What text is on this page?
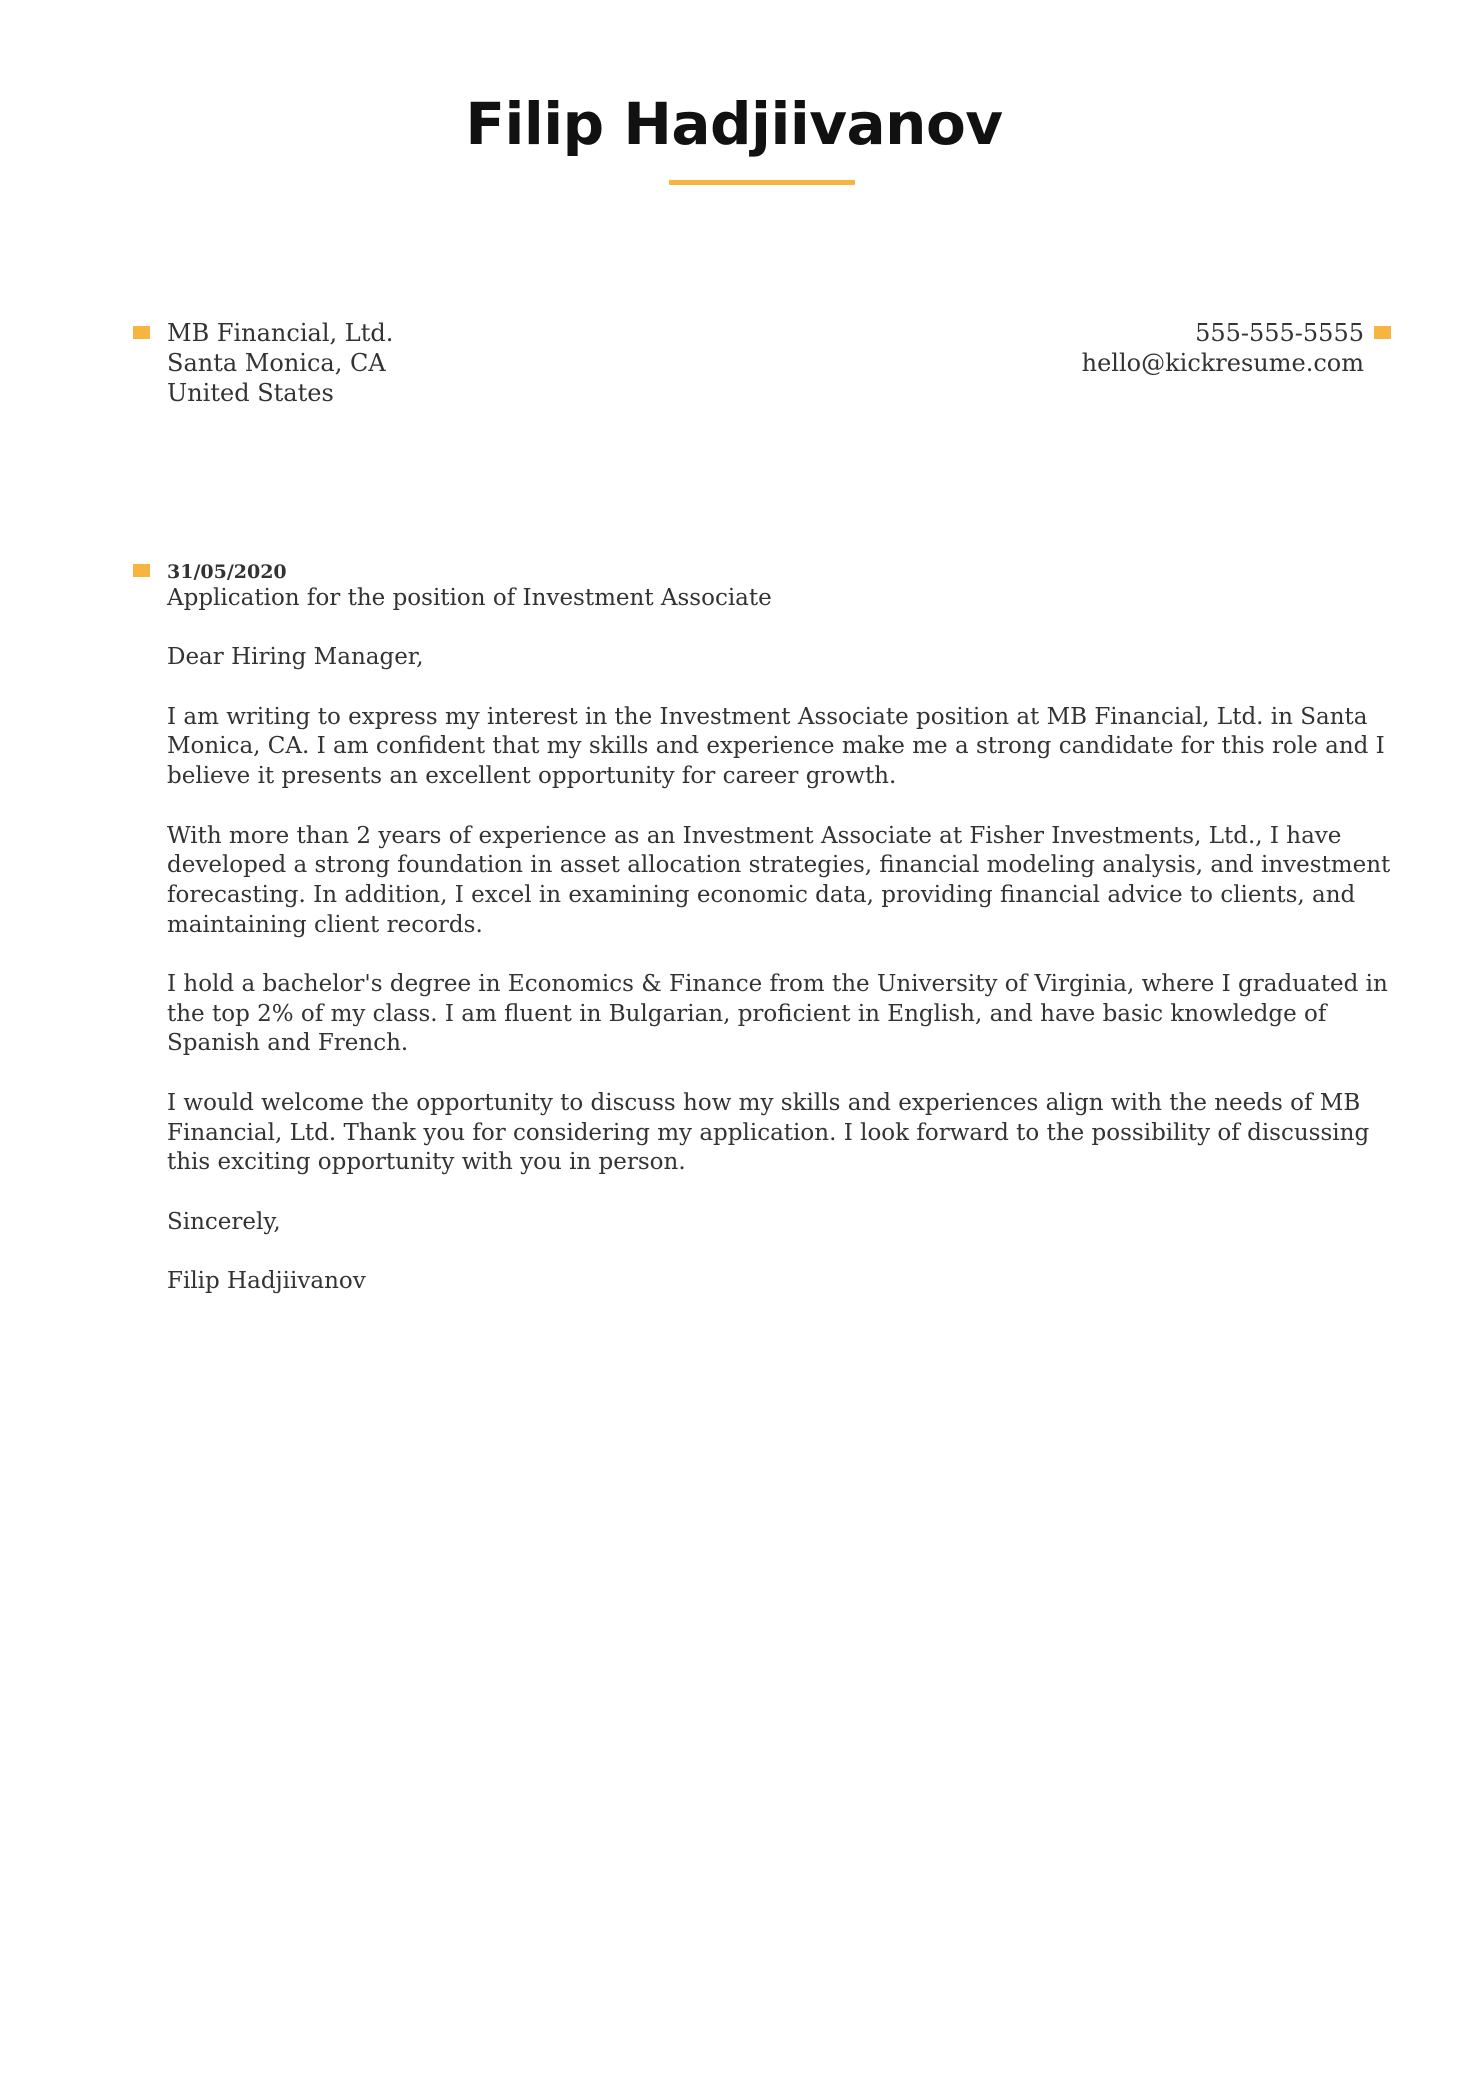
Filip Hadjiivanov
MB Financial, Ltd.
Santa Monica, CA
United States
555-555-5555
hello@kickresume.com
31/05/2020
Application for the position of Investment Associate
Dear Hiring Manager,
I am writing to express my interest in the Investment Associate position at MB Financial, Ltd. in Santa
Monica, CA. I am confident that my skills and experience make me a strong candidate for this role and I
believe it presents an excellent opportunity for career growth.
With more than 2 years of experience as an Investment Associate at Fisher Investments, Ltd., I have
developed a strong foundation in asset allocation strategies, financial modeling analysis, and investment
forecasting. In addition, I excel in examining economic data, providing financial advice to clients, and
maintaining client records.
I hold a bachelor's degree in Economics & Finance from the University of Virginia, where I graduated in
the top 2% of my class. I am fluent in Bulgarian, proficient in English, and have basic knowledge of
Spanish and French.
I would welcome the opportunity to discuss how my skills and experiences align with the needs of MB
Financial, Ltd. Thank you for considering my application. I look forward to the possibility of discussing
this exciting opportunity with you in person.
Sincerely,
Filip Hadjiivanov
